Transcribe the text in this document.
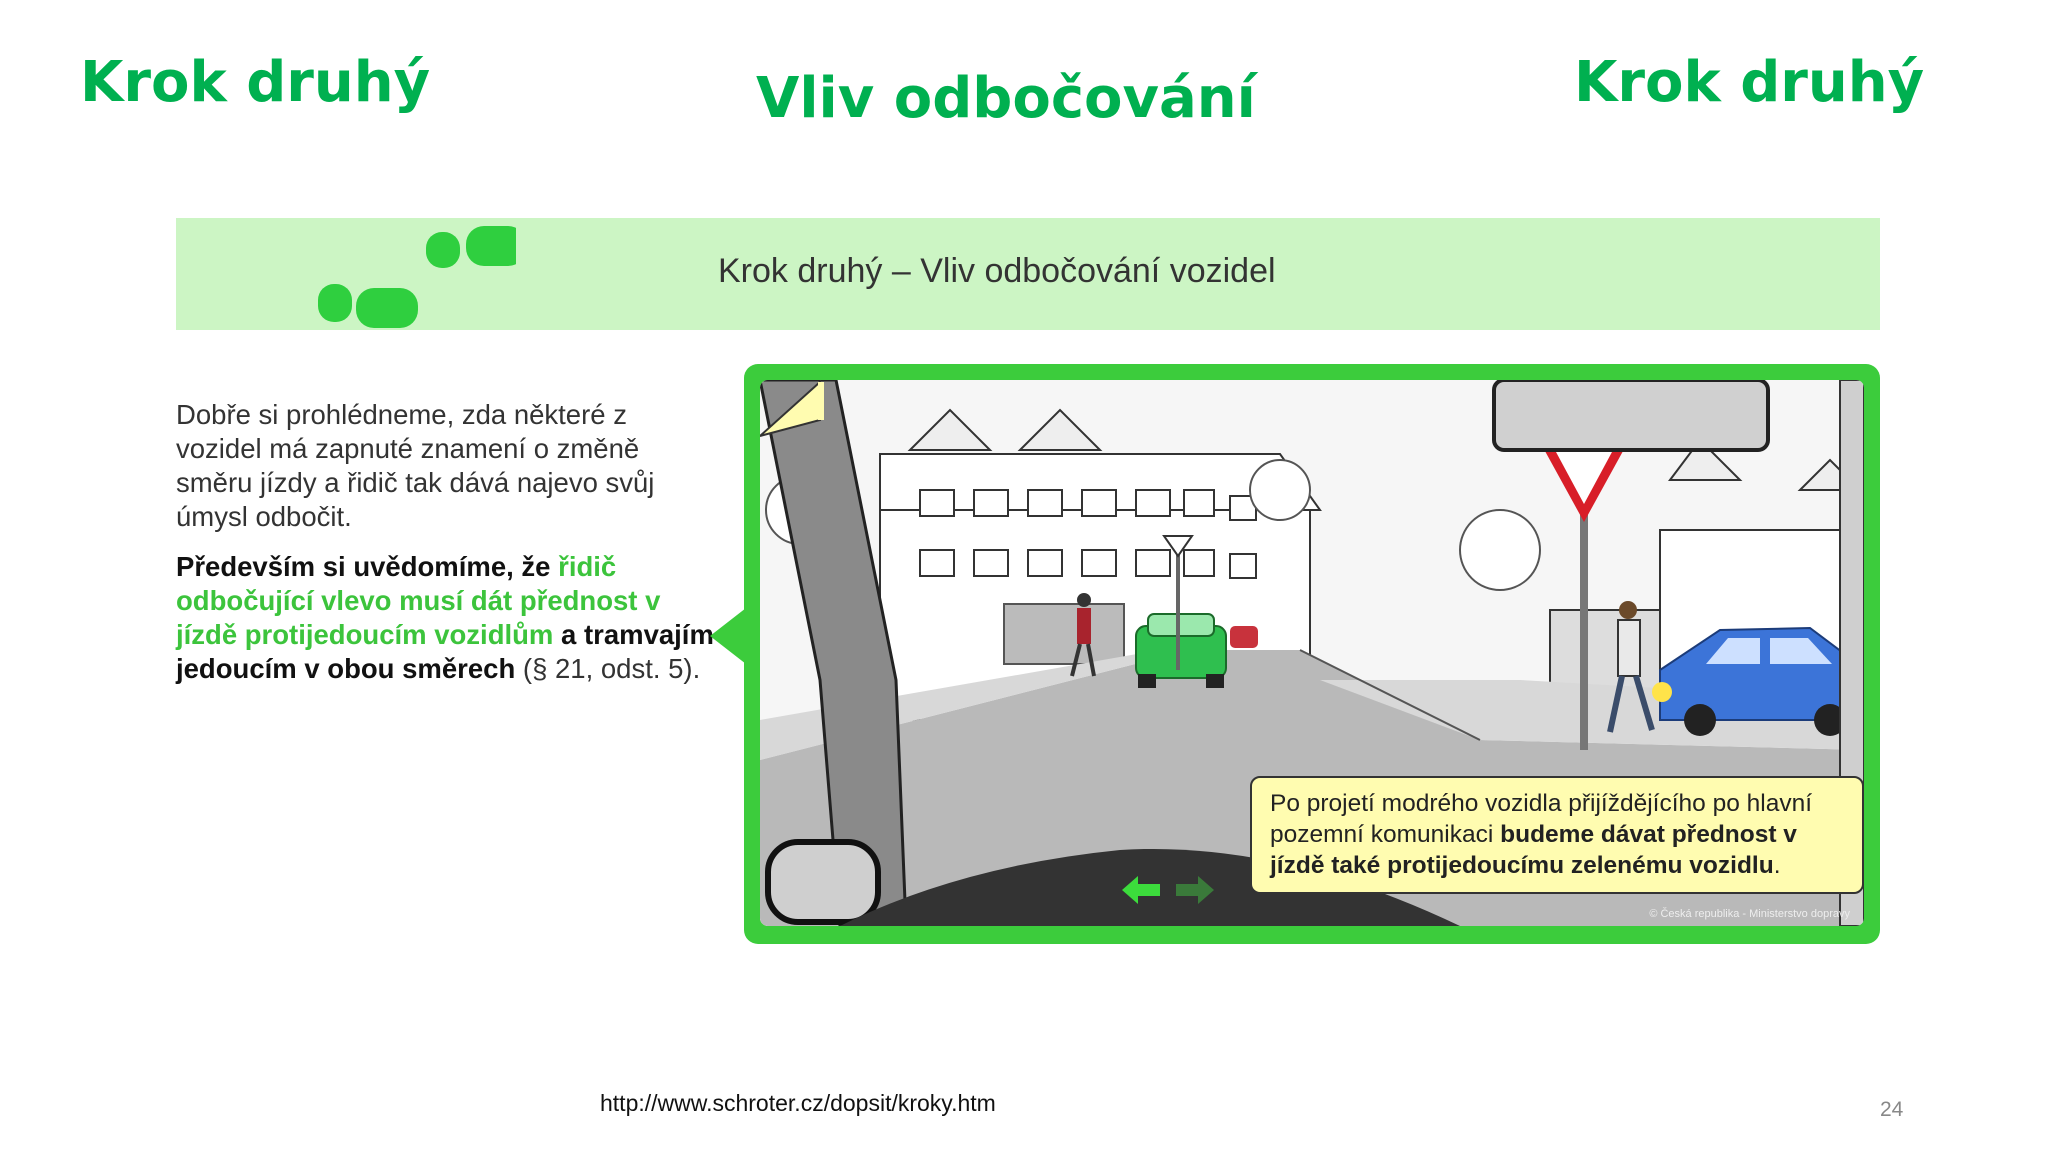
Krok druhý	Vliv odbočování	Krok druhý
Krok druhý – Vliv odbočování vozidel
Dobře si prohlédneme, zda některé z vozidel má zapnuté znamení o změně směru jízdy a řidič tak dává najevo svůj úmysl odbočit.
Především si uvědomíme, že řidič odbočující vlevo musí dát přednost v jízdě protijedoucím vozidlům a tramvajím jedoucím v obou směrech (§ 21, odst. 5).
Po projetí modrého vozidla přijíždějícího po hlavní pozemní komunikaci budeme dávat přednost v jízdě také protijedoucímu zelenému vozidlu.
© Česká republika - Ministerstvo dopravy
http://www.schroter.cz/dopsit/kroky.htm	24
